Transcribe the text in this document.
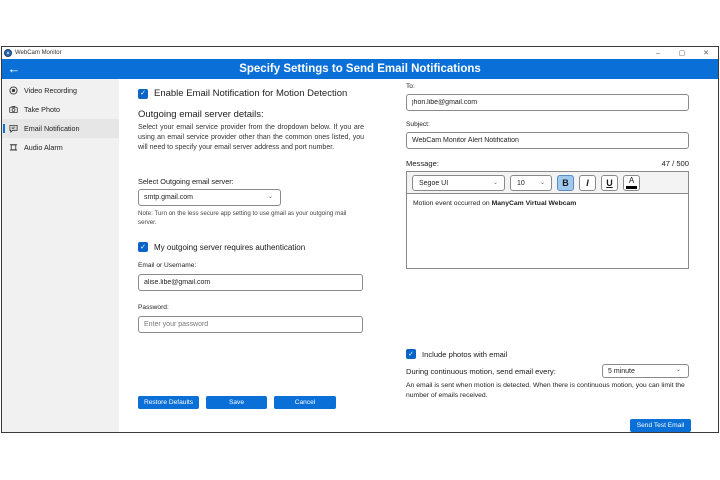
WebCam Monitor	–	▢	✕
←	Specify Settings to Send Email Notifications
Video Recording
Take Photo
Email Notification
Audio Alarm
✓ Enable Email Notification for Motion Detection
Outgoing email server details:
Select your email service provider from the dropdown below. If you are using an email service provider other than the common ones listed, you will need to specify your email server address and port number.
Select Outgoing email server:
smtp.gmail.com	⌄
Note: Turn on the less secure app setting to use gmail as your outgoing mail server.
✓ My outgoing server requires authentication
Email or Username:
alise.libe@gmail.com
Password:
Restore Defaults	Save	Cancel
To:
jhon.libe@gmail.com
Subject:
WebCam Monitor Alert Notification
Message:	47 / 500
Segoe UI	⌄	10	⌄ B I U A
Motion event occurred on ManyCam Virtual Webcam
✓ Include photos with email
During continuous motion, send email every:	5 minute	⌄
An email is sent when motion is detected. When there is continuous motion, you can limit the number of emails received.
Send Test Email
